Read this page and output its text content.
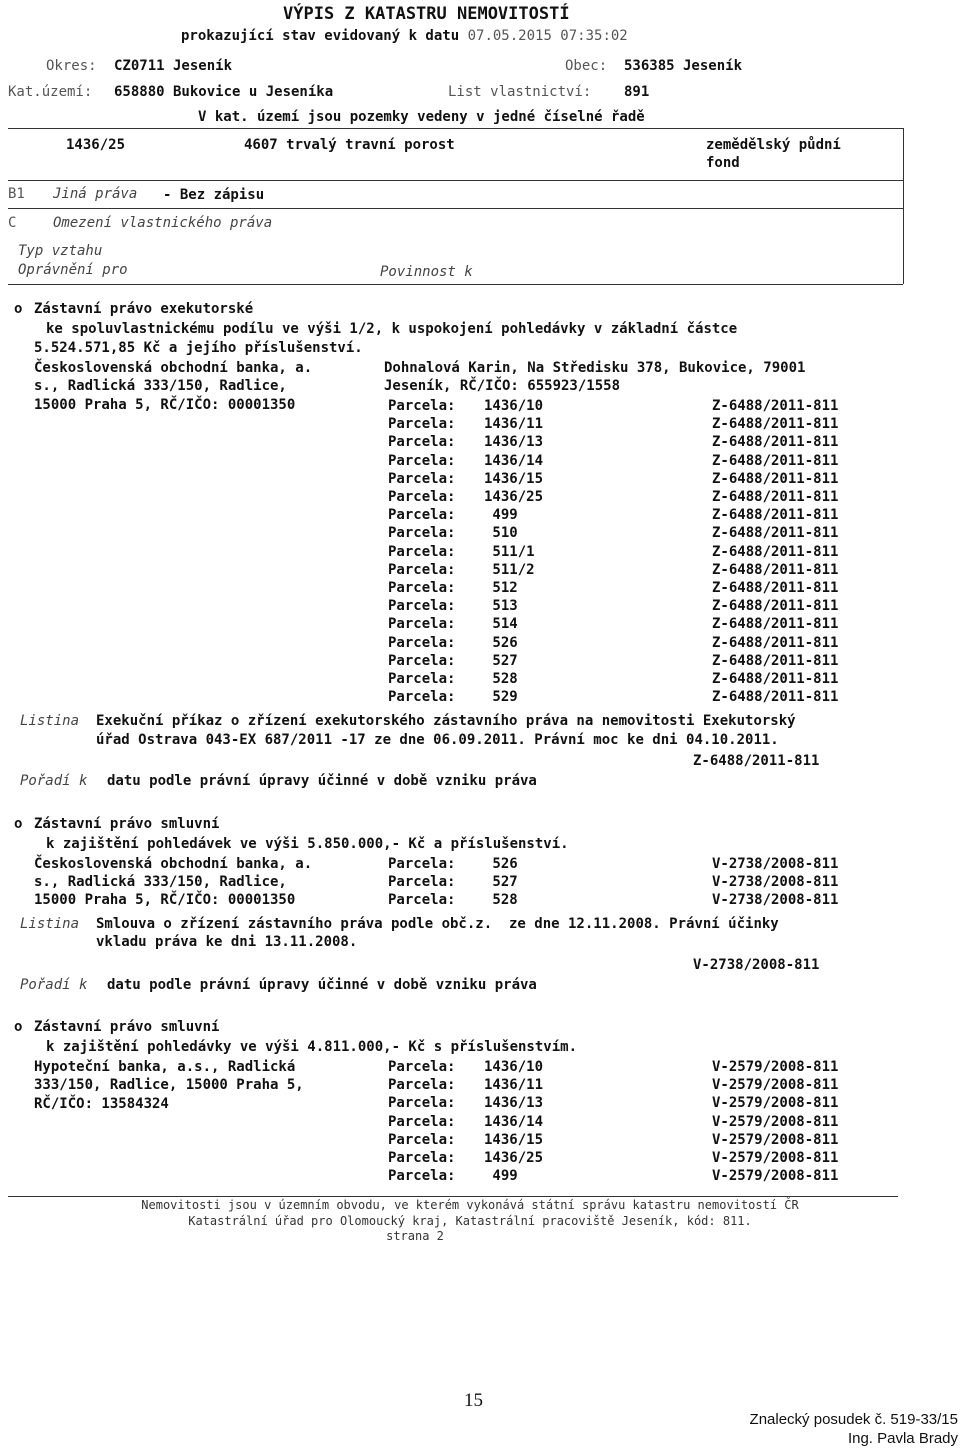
VÝPIS Z KATASTRU NEMOVITOSTÍ
prokazující stav evidovaný k datu 07.05.2015 07:35:02
Okres: CZ0711 Jeseník	Obec: 536385 Jeseník
Kat.území: 658880 Bukovice u Jeseníka	List vlastnictví: 891
V kat. území jsou pozemky vedeny v jedné číselné řadě
1436/25	4607 trvalý travní porost	zemědělský půdní
fond
B1 Jiná práva - Bez zápisu
C	Omezení vlastnického práva
Typ vztahu
Oprávnění pro	Povinnost k
o Zástavní právo exekutorské
ke spoluvlastnickému podílu ve výši 1/2, k uspokojení pohledávky v základní částce
5.524.571,85 Kč a jejího příslušenství.
Československá obchodní banka, a.
s., Radlická 333/150, Radlice,
15000 Praha 5, RČ/IČO: 00001350
Dohnalová Karin, Na Středisku 378, Bukovice, 79001
Jeseník, RČ/IČO: 655923/1558
Parcela: 1436/10	Z-6488/2011-811
Parcela: 1436/11	Z-6488/2011-811
Parcela: 1436/13	Z-6488/2011-811
Parcela: 1436/14	Z-6488/2011-811
Parcela: 1436/15	Z-6488/2011-811
Parcela: 1436/25	Z-6488/2011-811
Parcela: 499	Z-6488/2011-811
Parcela: 510	Z-6488/2011-811
Parcela: 511/1	Z-6488/2011-811
Parcela: 511/2	Z-6488/2011-811
Parcela: 512	Z-6488/2011-811
Parcela: 513	Z-6488/2011-811
Parcela: 514	Z-6488/2011-811
Parcela: 526	Z-6488/2011-811
Parcela: 527	Z-6488/2011-811
Parcela: 528	Z-6488/2011-811
Parcela: 529	Z-6488/2011-811
Listina Exekuční příkaz o zřízení exekutorského zástavního práva na nemovitosti Exekutorský
úřad Ostrava 043-EX 687/2011 -17 ze dne 06.09.2011. Právní moc ke dni 04.10.2011.
Z-6488/2011-811
Pořadí k datu podle právní úpravy účinné v době vzniku práva
o Zástavní právo smluvní
k zajištění pohledávek ve výši 5.850.000,- Kč a příslušenství.
Československá obchodní banka, a.
s., Radlická 333/150, Radlice,
15000 Praha 5, RČ/IČO: 00001350
Parcela: 526	V-2738/2008-811
Parcela: 527	V-2738/2008-811
Parcela: 528	V-2738/2008-811
Listina Smlouva o zřízení zástavního práva podle obč.z.  ze dne 12.11.2008. Právní účinky
vkladu práva ke dni 13.11.2008.
V-2738/2008-811
Pořadí k datu podle právní úpravy účinné v době vzniku práva
o Zástavní právo smluvní
k zajištění pohledávky ve výši 4.811.000,- Kč s příslušenstvím.
Hypoteční banka, a.s., Radlická
333/150, Radlice, 15000 Praha 5,
RČ/IČO: 13584324
Parcela: 1436/10	V-2579/2008-811
Parcela: 1436/11	V-2579/2008-811
Parcela: 1436/13	V-2579/2008-811
Parcela: 1436/14	V-2579/2008-811
Parcela: 1436/15	V-2579/2008-811
Parcela: 1436/25	V-2579/2008-811
Parcela: 499	V-2579/2008-811
Nemovitosti jsou v územním obvodu, ve kterém vykonává státní správu katastru nemovitostí ČR
Katastrální úřad pro Olomoucký kraj, Katastrální pracoviště Jeseník, kód: 811.
strana 2
15
Znalecký posudek č. 519-33/15
Ing. Pavla Brady
